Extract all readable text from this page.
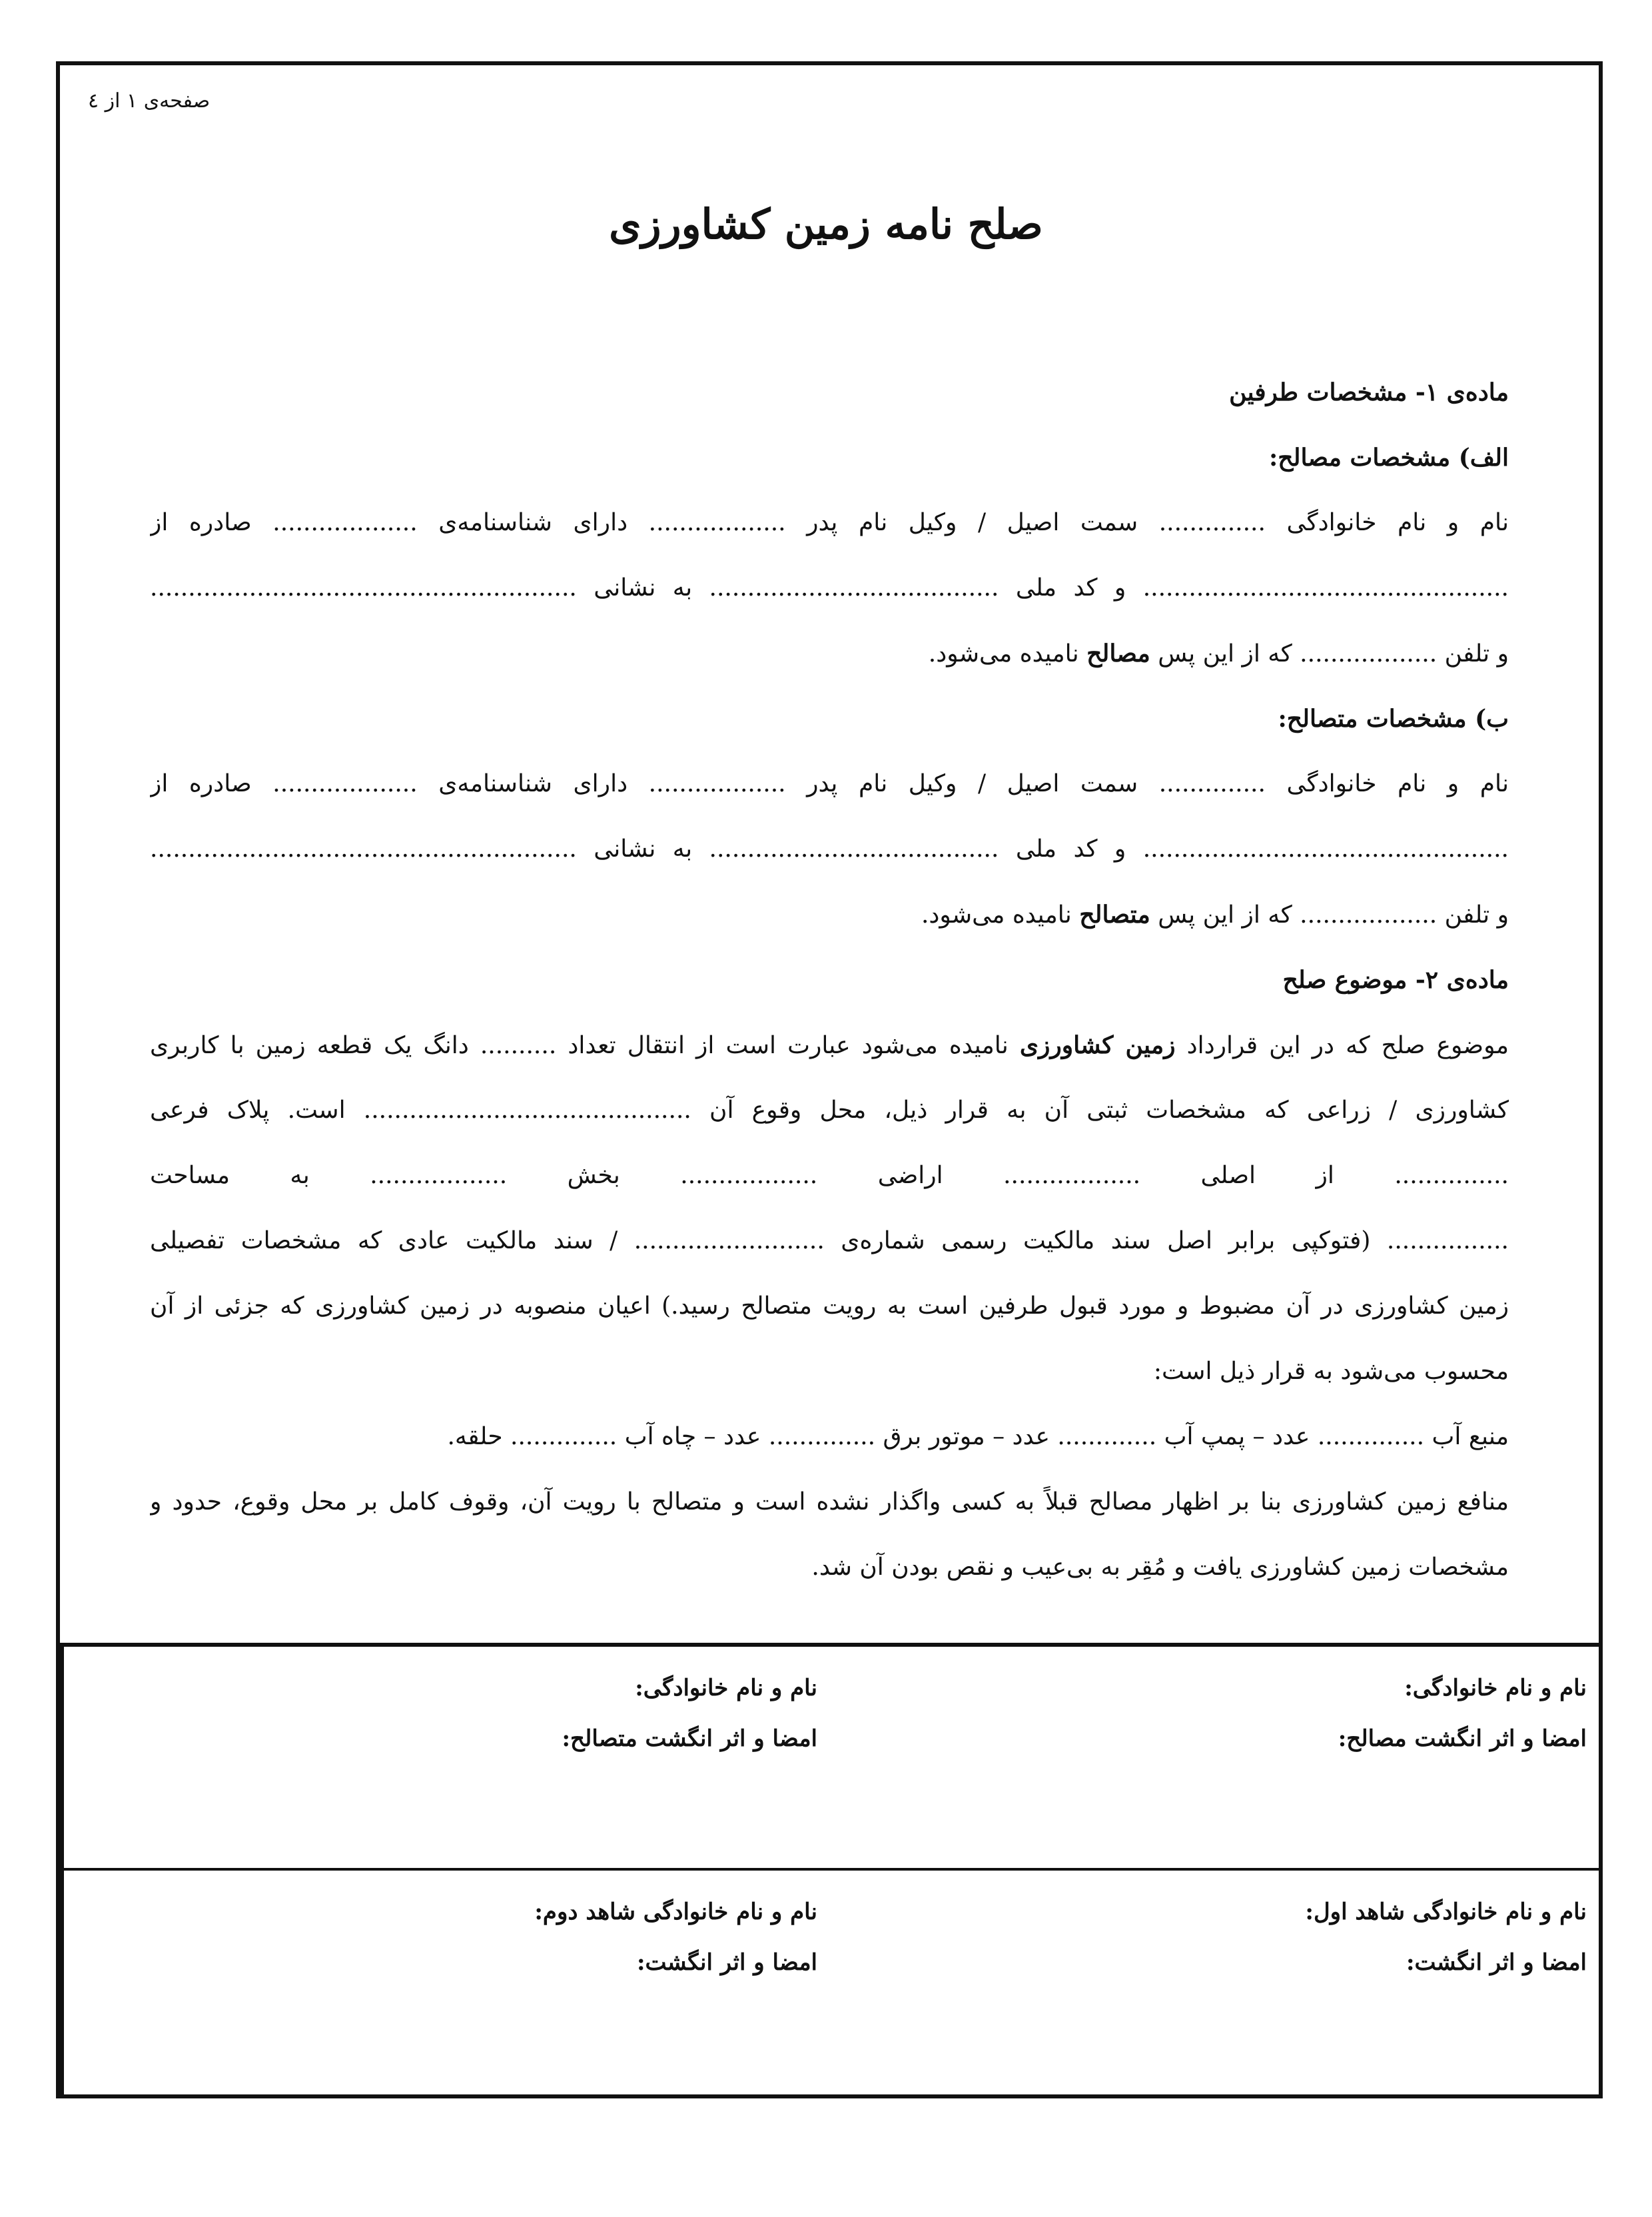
صفحه‌ی ۱ از ٤
صلح نامه زمین کشاورزی
ماده‌ی ۱- مشخصات طرفین
الف) مشخصات مصالح:
نام و نام خانوادگی .............. سمت اصیل / وکیل نام پدر .................. دارای شناسنامه‌ی ................... صادره از
................................................ و کد ملی ...................................... به نشانی ........................................................
و تلفن .................. که از این پس مصالح نامیده می‌شود.
ب) مشخصات متصالح:
نام و نام خانوادگی .............. سمت اصیل / وکیل نام پدر .................. دارای شناسنامه‌ی ................... صادره از
................................................ و کد ملی ...................................... به نشانی ........................................................
و تلفن .................. که از این پس متصالح نامیده می‌شود.
ماده‌ی ۲- موضوع صلح
موضوع صلح که در این قرارداد زمین کشاورزی نامیده می‌شود عبارت است از انتقال تعداد .......... دانگ یک قطعه زمین با کاربری
کشاورزی / زراعی که مشخصات ثبتی آن به قرار ذیل، محل وقوع آن ........................................... است. پلاک فرعی
............... از اصلی .................. اراضی .................. بخش .................. به مساحت
................ (فتوکپی برابر اصل سند مالکیت رسمی شماره‌ی ......................... / سند مالکیت عادی که مشخصات تفصیلی
زمین کشاورزی در آن مضبوط و مورد قبول طرفین است به رویت متصالح رسید.) اعیان منصوبه در زمین کشاورزی که جزئی از آن
محسوب می‌شود به قرار ذیل است:
منبع آب .............. عدد – پمپ آب ............. عدد – موتور برق .............. عدد – چاه آب .............. حلقه.
منافع زمین کشاورزی بنا بر اظهار مصالح قبلاً به کسی واگذار نشده است و متصالح با رویت آن، وقوف کامل بر محل وقوع، حدود و
مشخصات زمین کشاورزی یافت و مُقِر به بی‌عیب و نقص بودن آن شد.
نام و نام خانوادگی:
امضا و اثر انگشت متصالح:
نام و نام خانوادگی:
امضا و اثر انگشت مصالح:
نام و نام خانوادگی شاهد دوم:
امضا و اثر انگشت:
نام و نام خانوادگی شاهد اول:
امضا و اثر انگشت:
